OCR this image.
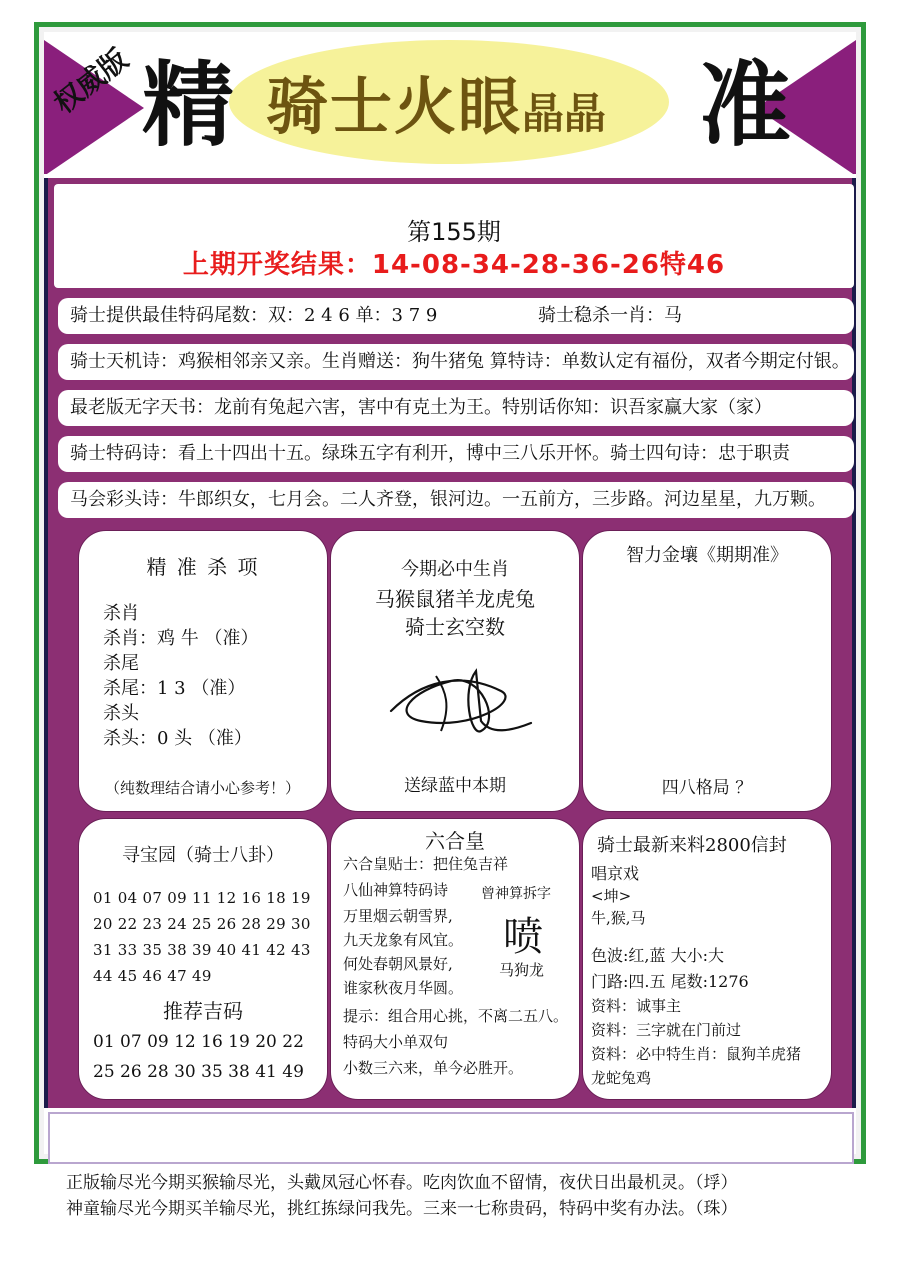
权威版 精 骑士火眼晶晶 准
第155期
上期开奖结果：14-08-34-28-36-26特46
骑士提供最佳特码尾数：双：2 4 6 单：3 7 9	骑士稳杀一肖：马
骑士天机诗：鸡猴相邻亲又亲。生肖赠送：狗牛猪兔 算特诗：单数认定有福份，双者今期定付银。
最老版无字天书：龙前有兔起六害，害中有克土为王。特别话你知：识吾家赢大家（家）
骑士特码诗：看上十四出十五。绿珠五字有利开，博中三八乐开怀。骑士四句诗：忠于职责
马会彩头诗：牛郎织女，七月会。二人齐登，银河边。一五前方，三步路。河边星星，九万颗。
精 准 杀 项
杀肖
杀肖：鸡 牛 （准）
杀尾
杀尾：1 3 （准）
杀头
杀头：0 头 （准）
（纯数理结合请小心参考！）
今期必中生肖
马猴鼠猪羊龙虎兔
骑士玄空数
送绿蓝中本期
智力金壤《期期准》
四八格局 ？
寻宝园（骑士八卦）
01 04 07 09 11 12 16 18 19 20 22 23 24 25 26 28 29 30 31 33 35 38 39 40 41 42 43 44 45 46 47 49
推荐吉码
01 07 09 12 16 19 20 22 25 26 28 30 35 38 41 49
六合皇
六合皇贴士：把住兔吉祥
八仙神算特码诗
万里烟云朝雪界,
九天龙象有风宜。
何处春朝风景好,
谁家秋夜月华圆。
曾神算拆字
喷
马狗龙
提示：组合用心挑，不离二五八。
特码大小单双句
小数三六来，单今必胜开。
骑士最新来料2800信封
唱京戏
<坤>
牛,猴,马
色波:红,蓝 大小:大
门路:四.五 尾数:1276
资料：诚事主
资料：三字就在门前过
资料：必中特生肖：鼠狗羊虎猪
龙蛇兔鸡
正版输尽光今期买猴输尽光，头戴凤冠心怀春。吃肉饮血不留情，夜伏日出最机灵。（垺）
神童输尽光今期买羊输尽光，挑红拣绿问我先。三来一七称贵码，特码中奖有办法。（珠）
